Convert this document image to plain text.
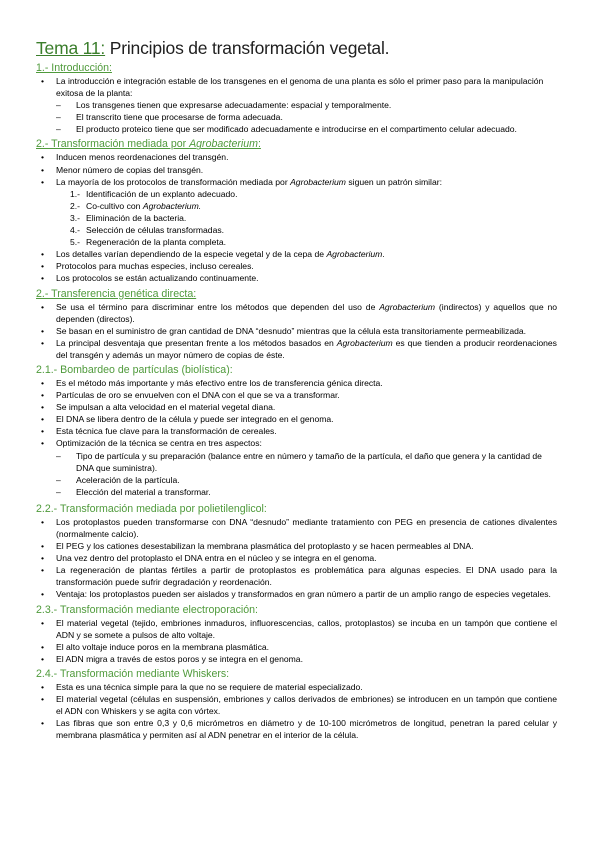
Tema 11: Principios de transformación vegetal.
1.- Introducción:
• La introducción e integración estable de los transgenes en el genoma de una planta es sólo el primer paso para la manipulación exitosa de la planta:
– Los transgenes tienen que expresarse adecuadamente: espacial y temporalmente.
– El transcrito tiene que procesarse de forma adecuada.
– El producto proteico tiene que ser modificado adecuadamente e introducirse en el compartimento celular adecuado.
2.- Transformación mediada por Agrobacterium:
• Inducen menos reordenaciones del transgén.
• Menor número de copias del transgén.
• La mayoría de los protocolos de transformación mediada por Agrobacterium siguen un patrón similar:
1.- Identificación de un explanto adecuado.
2.- Co-cultivo con Agrobacterium.
3.- Eliminación de la bacteria.
4.- Selección de células transformadas.
5.- Regeneración de la planta completa.
• Los detalles varían dependiendo de la especie vegetal y de la cepa de Agrobacterium.
• Protocolos para muchas especies, incluso cereales.
• Los protocolos se están actualizando continuamente.
2.- Transferencia genética directa:
• Se usa el término para discriminar entre los métodos que dependen del uso de Agrobacterium (indirectos) y aquellos que no dependen (directos).
• Se basan en el suministro de gran cantidad de DNA “desnudo” mientras que la célula esta transitoriamente permeabilizada.
• La principal desventaja que presentan frente a los métodos basados en Agrobacterium es que tienden a producir reordenaciones del transgén y además un mayor número de copias de éste.
2.1.- Bombardeo de partículas (biolística):
• Es el método más importante y más efectivo entre los de transferencia génica directa.
• Partículas de oro se envuelven con el DNA con el que se va a transformar.
• Se impulsan a alta velocidad en el material vegetal diana.
• El DNA se libera dentro de la célula y puede ser integrado en el genoma.
• Esta técnica fue clave para la transformación de cereales.
• Optimización de la técnica se centra en tres aspectos:
– Tipo de partícula y su preparación (balance entre en número y tamaño de la partícula, el daño que genera y la cantidad de DNA que suministra).
– Aceleración de la partícula.
– Elección del material a transformar.
2.2.- Transformación mediada por polietilenglicol:
• Los protoplastos pueden transformarse con DNA “desnudo” mediante tratamiento con PEG en presencia de cationes divalentes (normalmente calcio).
• El PEG y los cationes desestabilizan la membrana plasmática del protoplasto y se hacen permeables al DNA.
• Una vez dentro del protoplasto el DNA entra en el núcleo y se integra en el genoma.
• La regeneración de plantas fértiles a partir de protoplastos es problemática para algunas especies. El DNA usado para la transformación puede sufrir degradación y reordenación.
• Ventaja: los protoplastos pueden ser aislados y transformados en gran número a partir de un amplio rango de especies vegetales.
2.3.- Transformación mediante electroporación:
• El material vegetal (tejido, embriones inmaduros, influorescencias, callos, protoplastos) se incuba en un tampón que contiene el ADN y se somete a pulsos de alto voltaje.
• El alto voltaje induce poros en la membrana plasmática.
• El ADN migra a través de estos poros y se integra en el genoma.
2.4.- Transformación mediante Whiskers:
• Esta es una técnica simple para la que no se requiere de material especializado.
• El material vegetal (células en suspensión, embriones y callos derivados de embriones) se introducen en un tampón que contiene el ADN con Whiskers y se agita con vórtex.
• Las fibras que son entre 0,3 y 0,6 micrómetros en diámetro y de 10-100 micrómetros de longitud, penetran la pared celular y membrana plasmática y permiten así al ADN penetrar en el interior de la célula.
